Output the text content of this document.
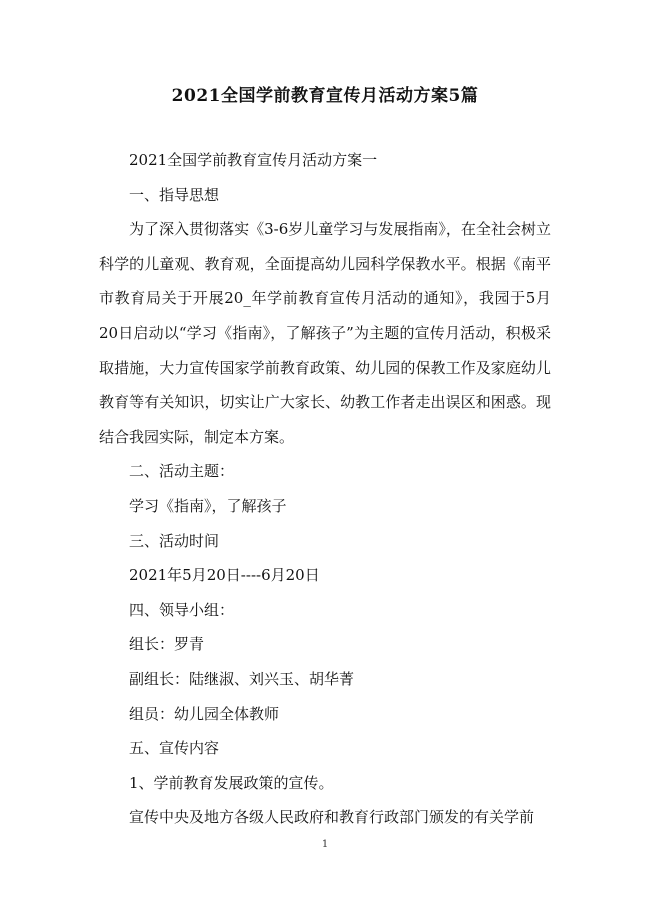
2021全国学前教育宣传月活动方案5篇

2021全国学前教育宣传月活动方案一

一、指导思想

为了深入贯彻落实《3-6岁儿童学习与发展指南》，在全社会树立科学的儿童观、教育观，全面提高幼儿园科学保教水平。根据《南平市教育局关于开展20_年学前教育宣传月活动的通知》，我园于5月20日启动以“学习《指南》，了解孩子”为主题的宣传月活动，积极采取措施，大力宣传国家学前教育政策、幼儿园的保教工作及家庭幼儿教育等有关知识，切实让广大家长、幼教工作者走出误区和困惑。现结合我园实际，制定本方案。

二、活动主题：

学习《指南》，了解孩子

三、活动时间

2021年5月20日----6月20日

四、领导小组：

组长：罗青

副组长：陆继淑、刘兴玉、胡华菁

组员：幼儿园全体教师

五、宣传内容

1、学前教育发展政策的宣传。

宣传中央及地方各级人民政府和教育行政部门颁发的有关学前

1
